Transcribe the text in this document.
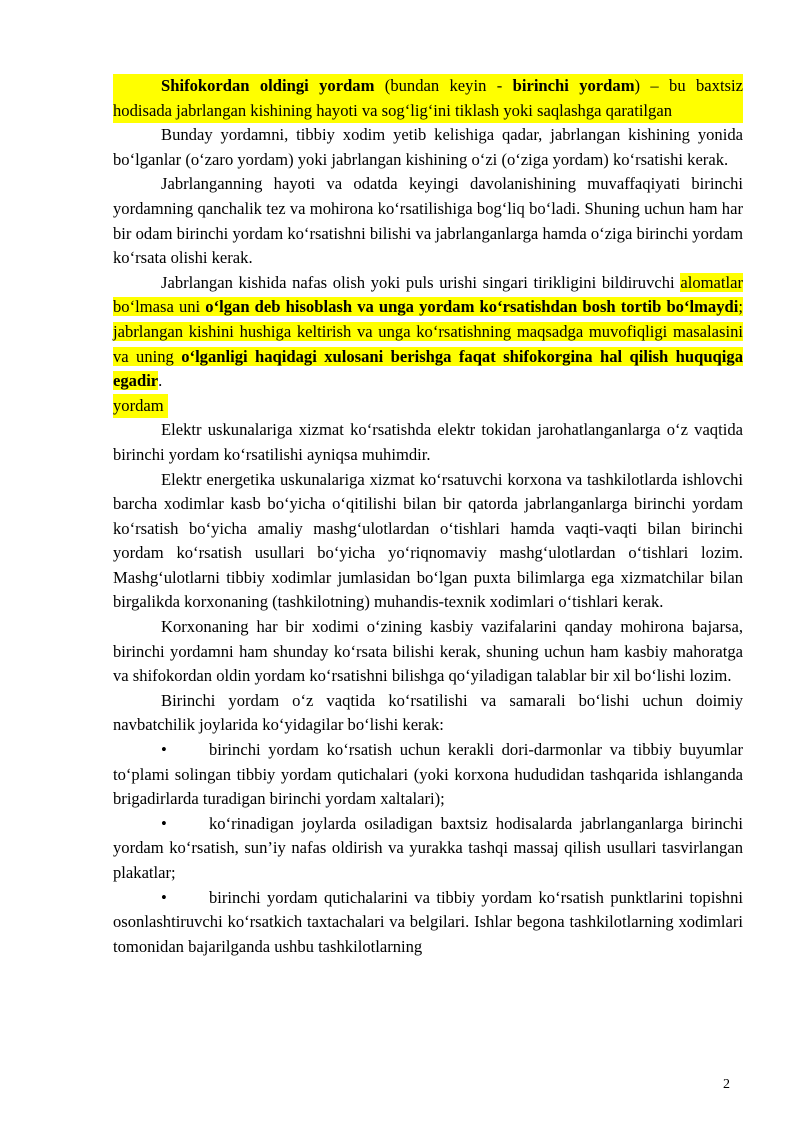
Shifokordan oldingi yordam (bundan keyin - birinchi yordam) – bu baxtsiz hodisada jabrlangan kishining hayoti va sog‘lig‘ini tiklash yoki saqlashga qaratilgan

Bunday yordamni, tibbiy xodim yetib kelishiga qadar, jabrlangan kishining yonida bo‘lganlar (o‘zaro yordam) yoki jabrlangan kishining o‘zi (o‘ziga yordam) ko‘rsatishi kerak.

Jabrlanganning hayoti va odatda keyingi davolanishining muvaffaqiyati birinchi yordamning qanchalik tez va mohirona ko‘rsatilishiga bog‘liq bo‘ladi. Shuning uchun ham har bir odam birinchi yordam ko‘rsatishni bilishi va jabrlanganlarga hamda o‘ziga birinchi yordam ko‘rsata olishi kerak.

Jabrlangan kishida nafas olish yoki puls urishi singari tirikligini bildiruvchi alomatlar bo‘lmasa uni o‘lgan deb hisoblash va unga yordam ko‘rsatishdan bosh tortib bo‘lmaydi; jabrlangan kishini hushiga keltirish va unga ko‘rsatishning maqsadga muvofiqligi masalasini va uning o‘lganligi haqidagi xulosani berishga faqat shifokorgina hal qilish huquqiga egadir.

yordam

Elektr uskunalariga xizmat ko‘rsatishda elektr tokidan jarohatlanganlarga o‘z vaqtida birinchi yordam ko‘rsatilishi ayniqsa muhimdir.

Elektr energetika uskunalariga xizmat ko‘rsatuvchi korxona va tashkilotlarda ishlovchi barcha xodimlar kasb bo‘yicha o‘qitilishi bilan bir qatorda jabrlanganlarga birinchi yordam ko‘rsatish bo‘yicha amaliy mashg‘ulotlardan o‘tishlari hamda vaqti-vaqti bilan birinchi yordam ko‘rsatish usullari bo‘yicha yo‘riqnomaviy mashg‘ulotlardan o‘tishlari lozim. Mashg‘ulotlarni tibbiy xodimlar jumlasidan bo‘lgan puxta bilimlarga ega xizmatchilar bilan birgalikda korxonaning (tashkilotning) muhandis-texnik xodimlari o‘tishlari kerak.

Korxonaning har bir xodimi o‘zining kasbiy vazifalarini qanday mohirona bajarsa, birinchi yordamni ham shunday ko‘rsata bilishi kerak, shuning uchun ham kasbiy mahoratga va shifokordan oldin yordam ko‘rsatishni bilishga qo‘yiladigan talablar bir xil bo‘lishi lozim.

Birinchi yordam o‘z vaqtida ko‘rsatilishi va samarali bo‘lishi uchun doimiy navbatchilik joylarida ko‘yidagilar bo‘lishi kerak:

•	birinchi yordam ko‘rsatish uchun kerakli dori-darmonlar va tibbiy buyumlar to‘plami solingan tibbiy yordam qutichalari (yoki korxona hududidan tashqarida ishlanganda brigadirlarda turadigan birinchi yordam xaltalari);

•	ko‘rinadigan joylarda osiladigan baxtsiz hodisalarda jabrlanganlarga birinchi yordam ko‘rsatish, sun’iy nafas oldirish va yurakka tashqi massaj qilish usullari tasvirlangan plakatlar;

•	birinchi yordam qutichalarini va tibbiy yordam ko‘rsatish punktlarini topishni osonlashtiruvchi ko‘rsatkich taxtachalari va belgilari. Ishlar begona tashkilotlarning xodimlari tomonidan bajarilganda ushbu tashkilotlarning

2
